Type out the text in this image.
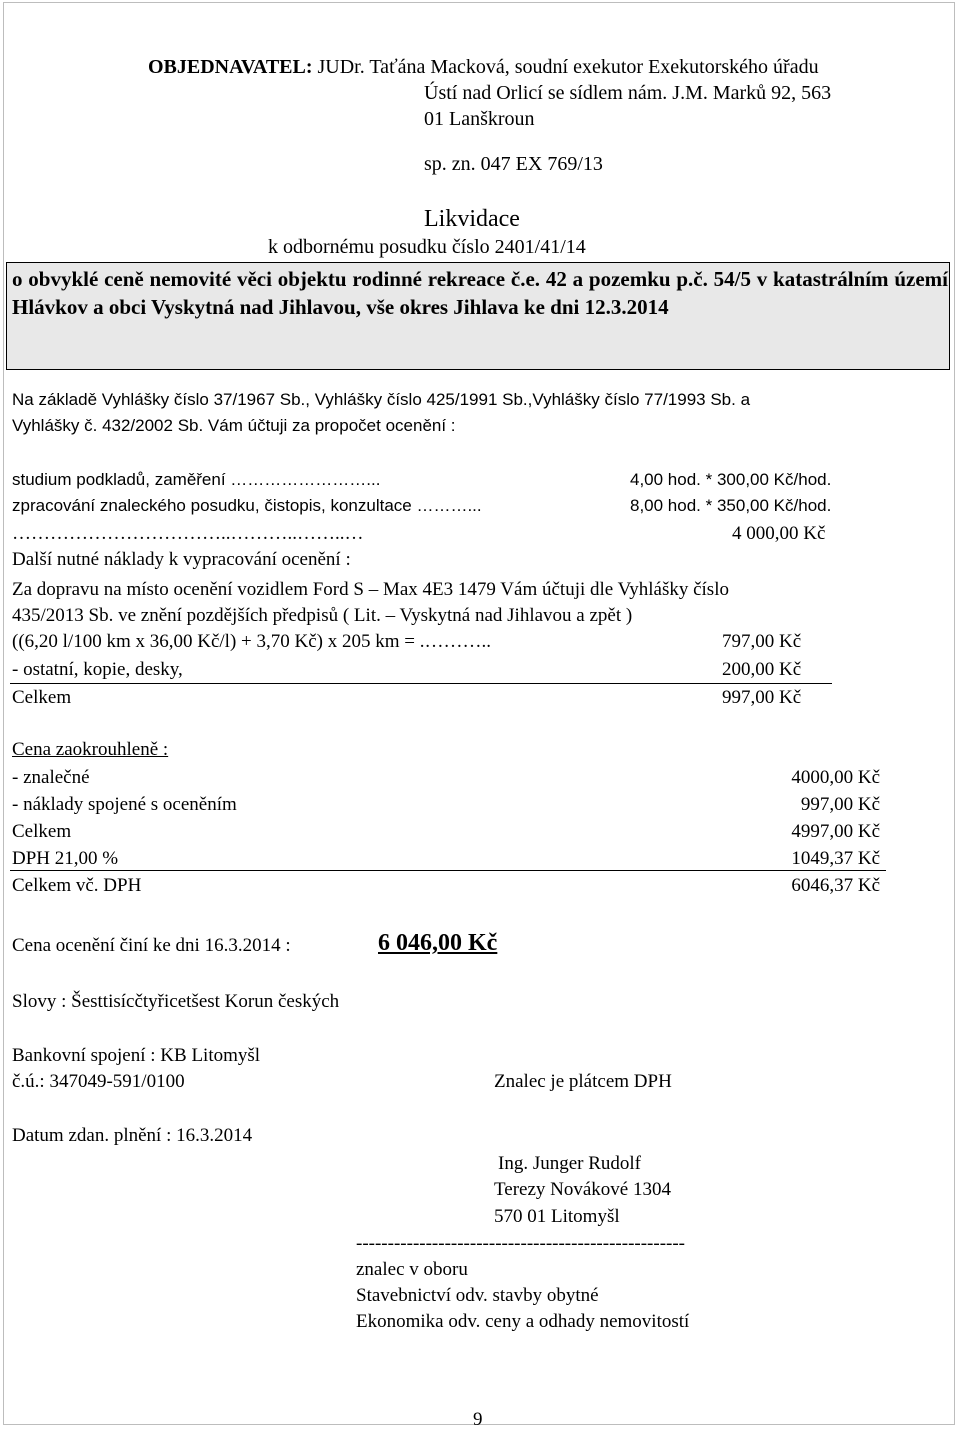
OBJEDNAVATEL: JUDr. Taťána Macková, soudní exekutor Exekutorského úřadu
Ústí nad Orlicí se sídlem nám. J.M. Marků 92, 563
01 Lanškroun
sp. zn. 047 EX 769/13
Likvidace
k odbornému posudku číslo 2401/41/14
o obvyklé ceně nemovité věci objektu rodinné rekreace č.e. 42 a pozemku p.č. 54/5 v katastrálním území Hlávkov a obci Vyskytná nad Jihlavou, vše okres Jihlava ke dni 12.3.2014
Na základě Vyhlášky číslo 37/1967 Sb., Vyhlášky číslo 425/1991 Sb.,Vyhlášky číslo 77/1993 Sb. a
Vyhlášky č. 432/2002 Sb. Vám účtuji za propočet ocenění :
studium podkladů, zaměření ……………………...	4,00 hod. * 300,00 Kč/hod.
zpracování znaleckého posudku, čistopis, konzultace ………...	8,00 hod. * 350,00 Kč/hod.
……………………………..………..……..…	4 000,00 Kč
Další nutné náklady k vypracování ocenění :
Za dopravu na místo ocenění vozidlem Ford S – Max 4E3 1479 Vám účtuji dle Vyhlášky číslo
435/2013 Sb. ve znění pozdějších předpisů ( Lit. – Vyskytná nad Jihlavou a zpět )
((6,20 l/100 km x 36,00 Kč/l) + 3,70 Kč) x 205 km = .………..	797,00 Kč
- ostatní, kopie, desky,	200,00 Kč
Celkem	997,00 Kč
Cena zaokrouhleně :
- znalečné	4000,00 Kč
- náklady spojené s oceněním	997,00 Kč
Celkem	4997,00 Kč
DPH 21,00 %	1049,37 Kč
Celkem vč. DPH	6046,37 Kč
Cena ocenění činí ke dni 16.3.2014 :	6 046,00 Kč
Slovy : Šesttisícčtyřicetšest Korun českých
Bankovní spojení : KB Litomyšl
č.ú.: 347049-591/0100	Znalec je plátcem DPH
Datum zdan. plnění : 16.3.2014
Ing. Junger Rudolf
Terezy Novákové 1304
570 01 Litomyšl
----------------------------------------------------
znalec v oboru
Stavebnictví odv. stavby obytné
Ekonomika odv. ceny a odhady nemovitostí
9
